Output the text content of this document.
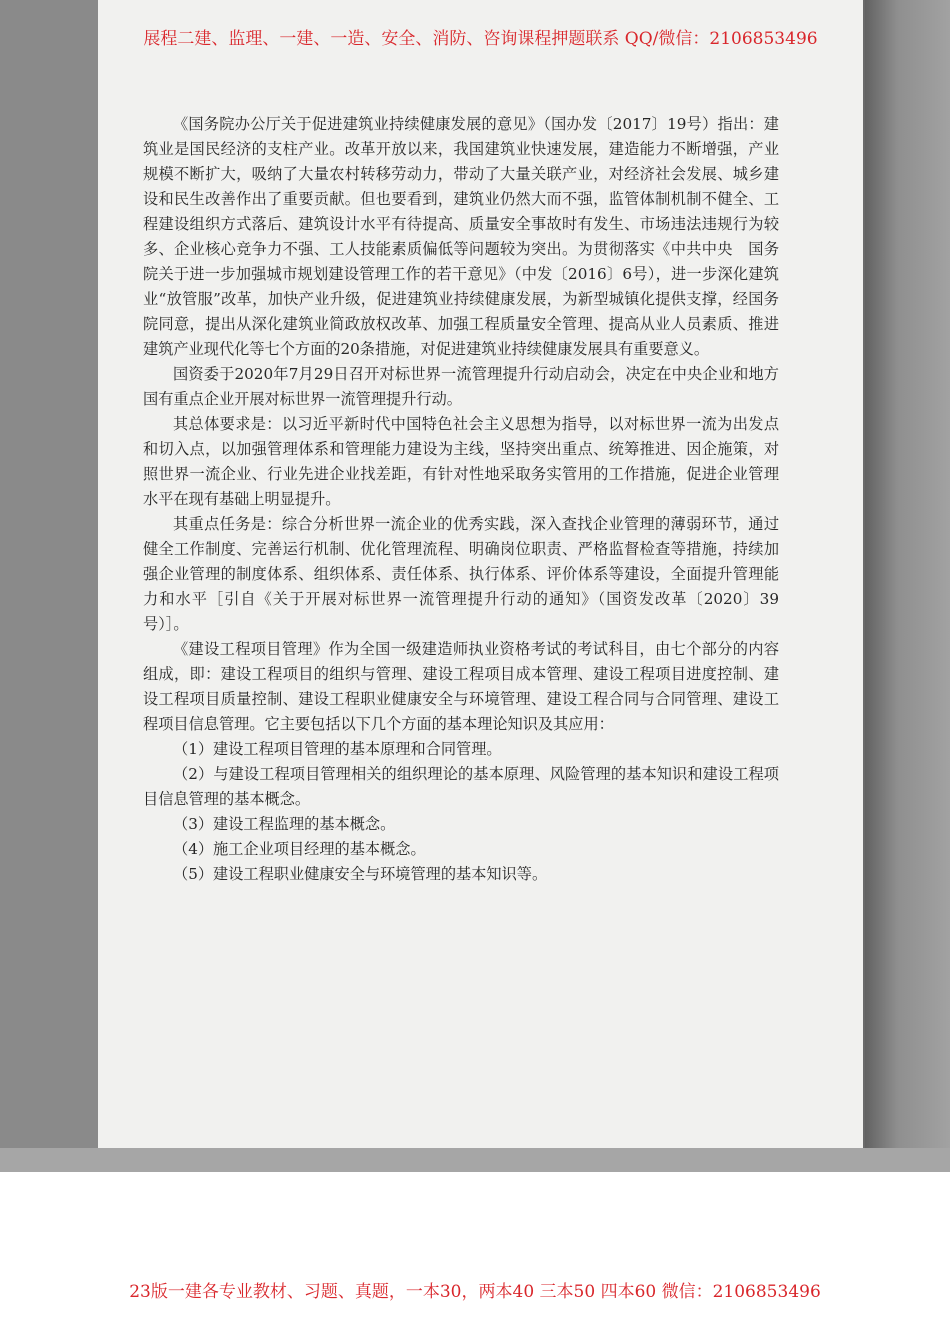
展程二建、监理、一建、一造、安全、消防、咨询课程押题联系 QQ/微信：2106853496

《国务院办公厅关于促进建筑业持续健康发展的意见》（国办发〔2017〕19号）指出：建筑业是国民经济的支柱产业。改革开放以来，我国建筑业快速发展，建造能力不断增强，产业规模不断扩大，吸纳了大量农村转移劳动力，带动了大量关联产业，对经济社会发展、城乡建设和民生改善作出了重要贡献。但也要看到，建筑业仍然大而不强，监管体制机制不健全、工程建设组织方式落后、建筑设计水平有待提高、质量安全事故时有发生、市场违法违规行为较多、企业核心竞争力不强、工人技能素质偏低等问题较为突出。为贯彻落实《中共中央　国务院关于进一步加强城市规划建设管理工作的若干意见》（中发〔2016〕6号），进一步深化建筑业“放管服”改革，加快产业升级，促进建筑业持续健康发展，为新型城镇化提供支撑，经国务院同意，提出从深化建筑业简政放权改革、加强工程质量安全管理、提高从业人员素质、推进建筑产业现代化等七个方面的20条措施，对促进建筑业持续健康发展具有重要意义。

国资委于2020年7月29日召开对标世界一流管理提升行动启动会，决定在中央企业和地方国有重点企业开展对标世界一流管理提升行动。

其总体要求是：以习近平新时代中国特色社会主义思想为指导，以对标世界一流为出发点和切入点，以加强管理体系和管理能力建设为主线，坚持突出重点、统筹推进、因企施策，对照世界一流企业、行业先进企业找差距，有针对性地采取务实管用的工作措施，促进企业管理水平在现有基础上明显提升。

其重点任务是：综合分析世界一流企业的优秀实践，深入查找企业管理的薄弱环节，通过健全工作制度、完善运行机制、优化管理流程、明确岗位职责、严格监督检查等措施，持续加强企业管理的制度体系、组织体系、责任体系、执行体系、评价体系等建设，全面提升管理能力和水平［引自《关于开展对标世界一流管理提升行动的通知》（国资发改革〔2020〕39号）］。

《建设工程项目管理》作为全国一级建造师执业资格考试的考试科目，由七个部分的内容组成，即：建设工程项目的组织与管理、建设工程项目成本管理、建设工程项目进度控制、建设工程项目质量控制、建设工程职业健康安全与环境管理、建设工程合同与合同管理、建设工程项目信息管理。它主要包括以下几个方面的基本理论知识及其应用：

（1）建设工程项目管理的基本原理和合同管理。

（2）与建设工程项目管理相关的组织理论的基本原理、风险管理的基本知识和建设工程项目信息管理的基本概念。

（3）建设工程监理的基本概念。

（4）施工企业项目经理的基本概念。

（5）建设工程职业健康安全与环境管理的基本知识等。

23版一建各专业教材、习题、真题，一本30，两本40 三本50 四本60 微信：2106853496
